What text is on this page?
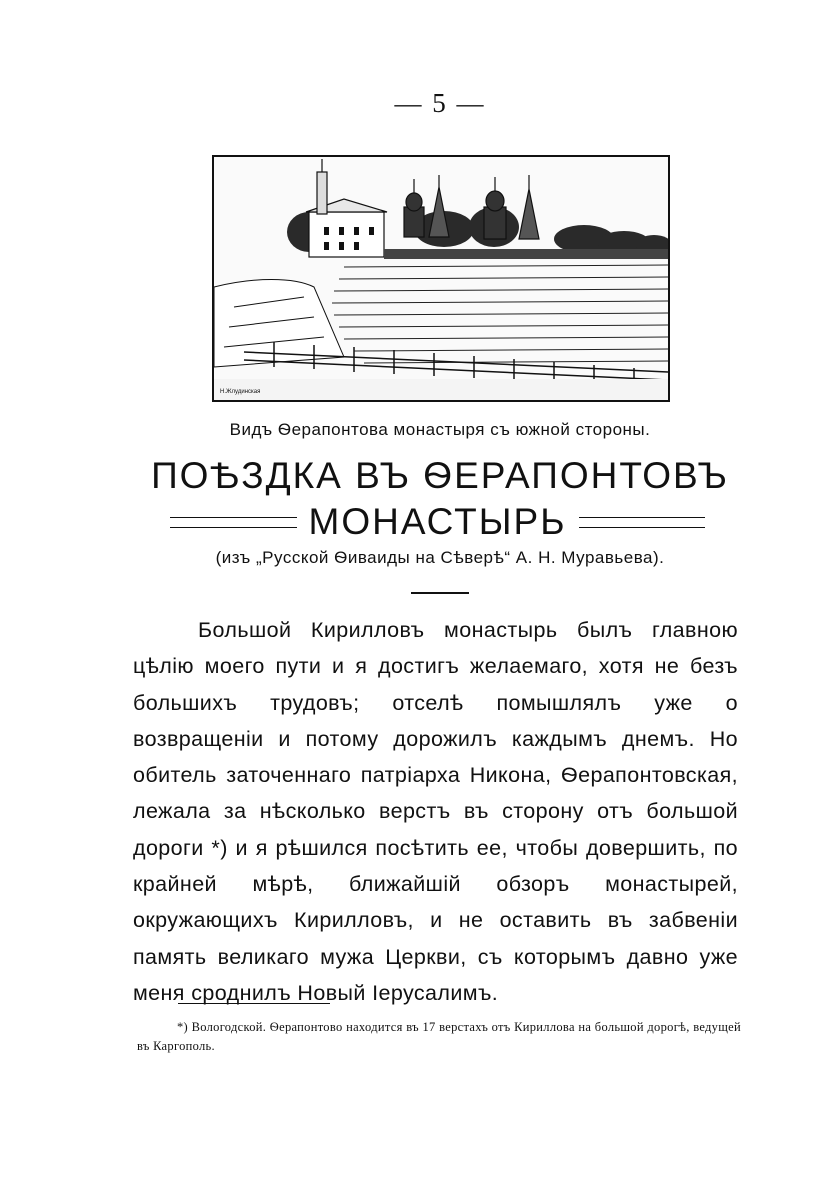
— 5 —
Н.Жлудинская
Видъ Ѳерапонтова монастыря съ южной стороны.
ПОѢЗДКА ВЪ ѲЕРАПОНТОВЪ
МОНАСТЫРЬ
(изъ „Русской Ѳиваиды на Сѣверѣ“ А. Н. Муравьева).

Большой Кирилловъ монастырь былъ главною цѣлію моего пути и я достигъ желаемаго, хотя не безъ большихъ трудовъ; отселѣ помышлялъ уже о возвращеніи и потому дорожилъ каждымъ днемъ. Но обитель заточеннаго патріарха Никона, Ѳерапонтовская, лежала за нѣсколько верстъ въ сторону отъ большой дороги *) и я рѣшился посѣтить ее, чтобы довершить, по крайней мѣрѣ, ближайшій обзоръ монастырей, окружающихъ Кирилловъ, и не оставить въ забвеніи память великаго мужа Церкви, съ которымъ давно уже меня сроднилъ Новый Іерусалимъ.

*) Вологодской. Ѳерапонтово находится въ 17 верстахъ отъ Кириллова на большой дорогѣ, ведущей въ Каргополь.
